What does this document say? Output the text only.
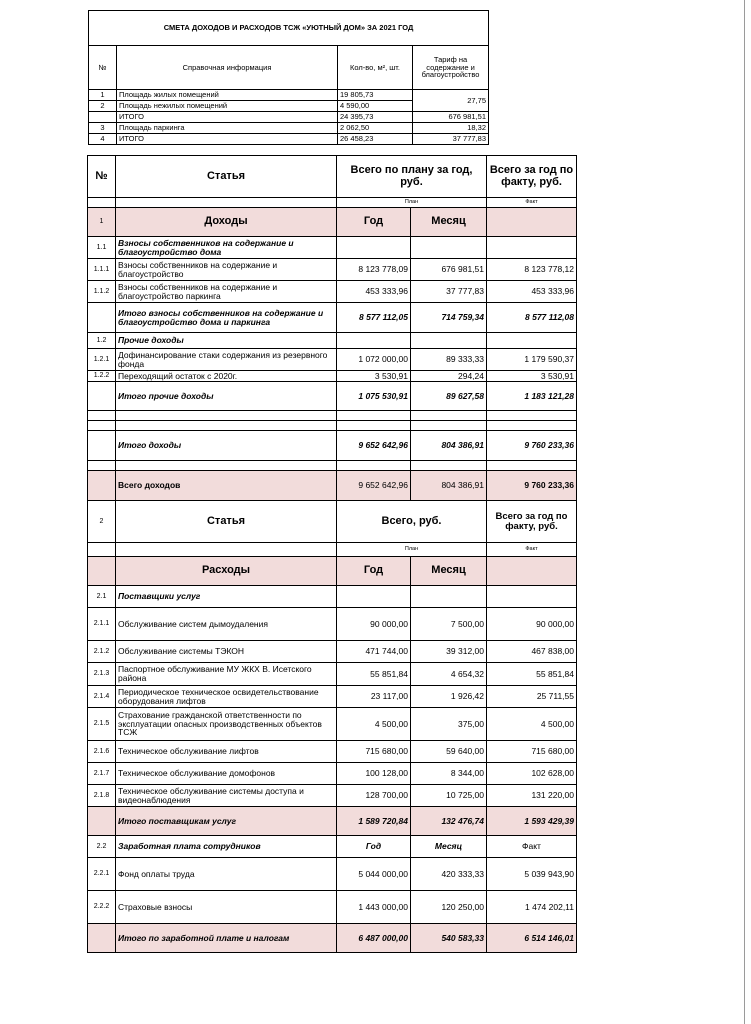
СМЕТА ДОХОДОВ И РАСХОДОВ ТСЖ «УЮТНЫЙ ДОМ» ЗА 2021 ГОД			
№	Справочная информация	Кол-во, м², шт.	Тариф на содержание и благоустройство
1	Площадь жилых помещений	19 805,73	27,75
2	Площадь нежилых помещений	4 590,00	
	ИТОГО	24 395,73	676 981,51
3	Площадь паркинга	2 062,50	18,32
4	ИТОГО	26 458,23	37 777,83
№	Статья	Всего по плану за год, руб.		Всего за год по факту, руб.
		План		Факт
1	Доходы	Год	Месяц	
1.1	Взносы собственников на содержание и благоустройство дома			
1.1.1	Взносы собственников на содержание и благоустройство	8 123 778,09	676 981,51	8 123 778,12
1.1.2	Взносы собственников на содержание и благоустройство паркинга	453 333,96	37 777,83	453 333,96
	Итого взносы собственников на содержание и благоустройство дома и паркинга	8 577 112,05	714 759,34	8 577 112,08
1.2	Прочие доходы			
1.2.1	Дофинансирование стаки содержания из резервного фонда	1 072 000,00	89 333,33	1 179 590,37
1.2.2	Переходящий остаток с 2020г.	3 530,91	294,24	3 530,91
	Итого прочие доходы	1 075 530,91	89 627,58	1 183 121,28

	Итого доходы	9 652 642,96	804 386,91	9 760 233,36

	Всего доходов	9 652 642,96	804 386,91	9 760 233,36
2	Статья	Всего, руб.		Всего за год по факту, руб.
		План		Факт
	Расходы	Год	Месяц	
2.1	Поставщики услуг			
2.1.1	Обслуживание систем дымоудаления	90 000,00	7 500,00	90 000,00
2.1.2	Обслуживание системы ТЭКОН	471 744,00	39 312,00	467 838,00
2.1.3	Паспортное обслуживание МУ ЖКХ В. Исетского района	55 851,84	4 654,32	55 851,84
2.1.4	Периодическое техническое освидетельствование оборудования лифтов	23 117,00	1 926,42	25 711,55
2.1.5	Страхование гражданской ответственности по эксплуатации опасных производственных объектов ТСЖ	4 500,00	375,00	4 500,00
2.1.6	Техническое обслуживание лифтов	715 680,00	59 640,00	715 680,00
2.1.7	Техническое обслуживание домофонов	100 128,00	8 344,00	102 628,00
2.1.8	Техническое обслуживание системы доступа и видеонаблюдения	128 700,00	10 725,00	131 220,00
	Итого поставщикам услуг	1 589 720,84	132 476,74	1 593 429,39
2.2	Заработная плата сотрудников	Год	Месяц	Факт
2.2.1	Фонд оплаты труда	5 044 000,00	420 333,33	5 039 943,90
2.2.2	Страховые взносы	1 443 000,00	120 250,00	1 474 202,11
	Итого по заработной плате и налогам	6 487 000,00	540 583,33	6 514 146,01
